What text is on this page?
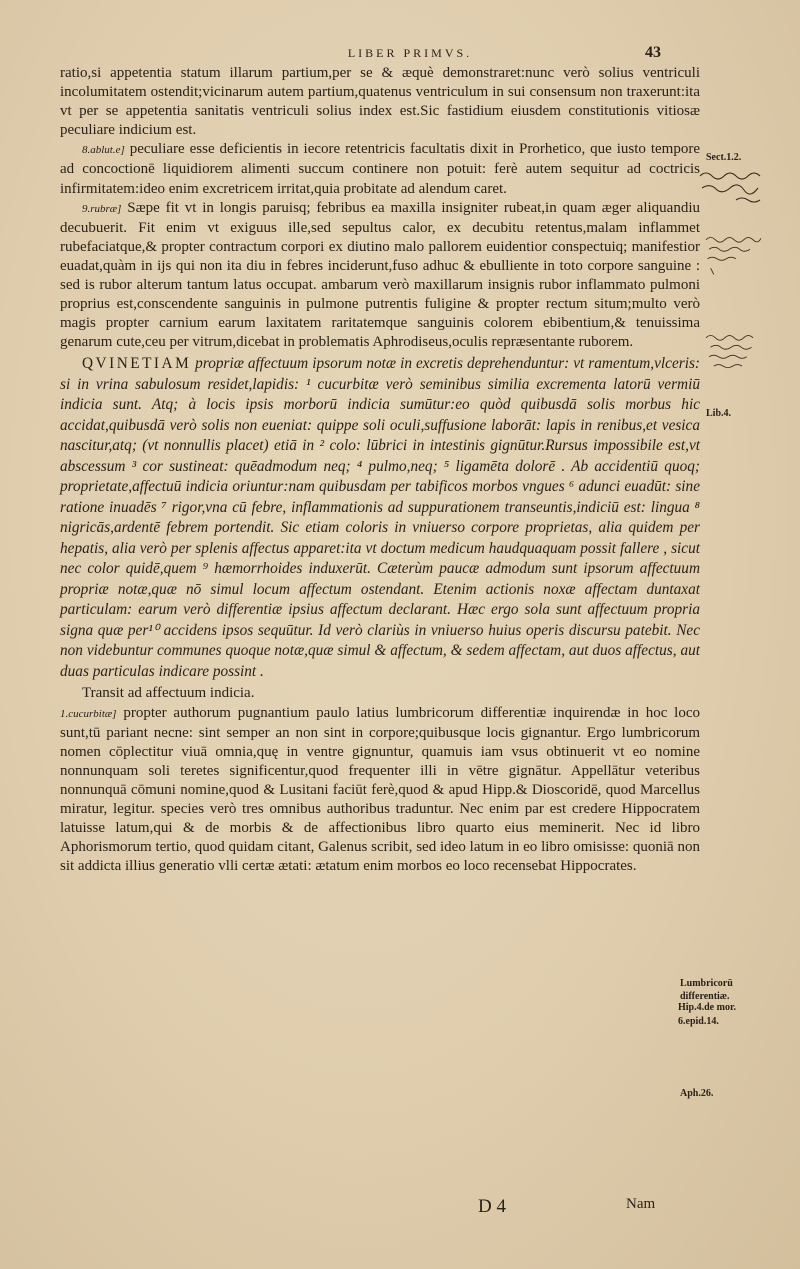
LIBER PRIMVS.	43

ratio,si appetentia statum illarum partium,per se & æquè demonstraret:nunc verò solius ventriculi incolumitatem ostendit;vicinarum autem partium,quatenus ventriculum in sui consensum non traxerunt:ita vt per se appetentia sanitatis ventriculi solius index est.Sic fastidium eiusdem constitutionis vitiosæ peculiare indicium est.

8.ablut.e] peculiare esse deficientis in iecore retentricis facultatis dixit in Prorhetico, que iusto tempore ad concoctionē liquidiorem alimenti succum continere non potuit: ferè autem sequitur ad coctricis infirmitatem:ideo enim excretricem irritat,quia probitate ad alendum caret.

9.rubræ] Sæpe fit vt in longis paruisq; febribus ea maxilla insigniter rubeat,in quam æger aliquandiu decubuerit. Fit enim vt exiguus ille,sed sepultus calor, ex decubitu retentus,malam inflammet rubefaciatque,& propter contractum corpori ex diutino malo pallorem euidentior conspectuiq; manifestior euadat,quàm in ijs qui non ita diu in febres inciderunt,fuso adhuc & ebulliente in toto corpore sanguine : sed is rubor alterum tantum latus occupat. ambarum verò maxillarum insignis rubor inflammato pulmoni proprius est,conscendente sanguinis in pulmone putrentis fuligine & propter rectum situm;multo verò magis propter carnium earum laxitatem raritatemque sanguinis colorem ebibentium,& tenuissima genarum cute,ceu per vitrum,dicebat in problematis Aphrodiseus,oculis repræsentante ruborem.

QVINETIAM propriæ affectuum ipsorum notæ in excretis deprehenduntur: vt ramentum,vlceris: si in vrina sabulosum residet,lapidis: ¹ cucurbitæ verò seminibus similia excrementa latorū vermiū indicia sunt. Atq; à locis ipsis morborū indicia sumūtur:eo quòd quibusdā solis morbus hic accidat,quibusdā verò solis non eueniat: quippe soli oculi,suffusione laborāt: lapis in renibus,et vesica nascitur,atq; (vt nonnullis placet) etiā in ² colo: lūbrici in intestinis gignūtur.Rursus impossibile est,vt abscessum ³ cor sustineat: quēadmodum neq; ⁴ pulmo,neq; ⁵ ligamēta dolorē . Ab accidentiū quoq; proprietate,affectuū indicia oriuntur:nam quibusdam per tabificos morbos vngues ⁶ adunci euadūt: sine ratione inuadēs ⁷ rigor,vna cū febre, inflammationis ad suppurationem transeuntis,indiciū est: lingua ⁸ nigricās,ardentē febrem portendit. Sic etiam coloris in vniuerso corpore proprietas, alia quidem per hepatis, alia verò per splenis affectus apparet:ita vt doctum medicum haudquaquam possit fallere , sicut nec color quidē,quem ⁹ hæmorrhoides induxerūt. Cæterùm paucæ admodum sunt ipsorum affectuum propriæ notæ,quæ nō simul locum affectum ostendant. Etenim actionis noxæ affectam duntaxat particulam: earum verò differentiæ ipsius affectum declarant. Hæc ergo sola sunt affectuum propria signa quæ per¹⁰ accidens ipsos sequūtur. Id verò clariùs in vniuerso huius operis discursu patebit. Nec non videbuntur communes quoque notæ,quæ simul & affectum, & sedem affectam, aut duos affectus, aut duas particulas indicare possint .

Transit ad affectuum indicia.

1.cucurbitæ] propter authorum pugnantium paulo latius lumbricorum differentiæ inquirendæ in hoc loco sunt,tū pariant necne: sint semper an non sint in corpore;quibusque locis gignantur. Ergo lumbricorum nomen cōplectitur viuā omnia,quę in ventre gignuntur, quamuis iam vsus obtinuerit vt eo nomine nonnunquam soli teretes significentur,quod frequenter illi in vētre gignātur. Appellātur veteribus nonnunquā cōmuni nomine,quod & Lusitani faciūt ferè,quod & apud Hipp.& Dioscoridē, quod Marcellus miratur, legitur. species verò tres omnibus authoribus traduntur. Nec enim par est credere Hippocratem latuisse latum,qui & de morbis & de affectionibus libro quarto eius meminerit. Nec id libro Aphorismorum tertio, quod quidam citant, Galenus scribit, sed ideo latum in eo libro omisisse: quoniā non sit addicta illius generatio vlli certæ ætati: ætatum enim morbos eo loco recensebat Hippocrates.

Sect.1.2.
Lib.4.
Lumbricorū
differentiæ.
Hip.4.de mor.
6.epid.14.
Aph.26.
D 4	Nam
